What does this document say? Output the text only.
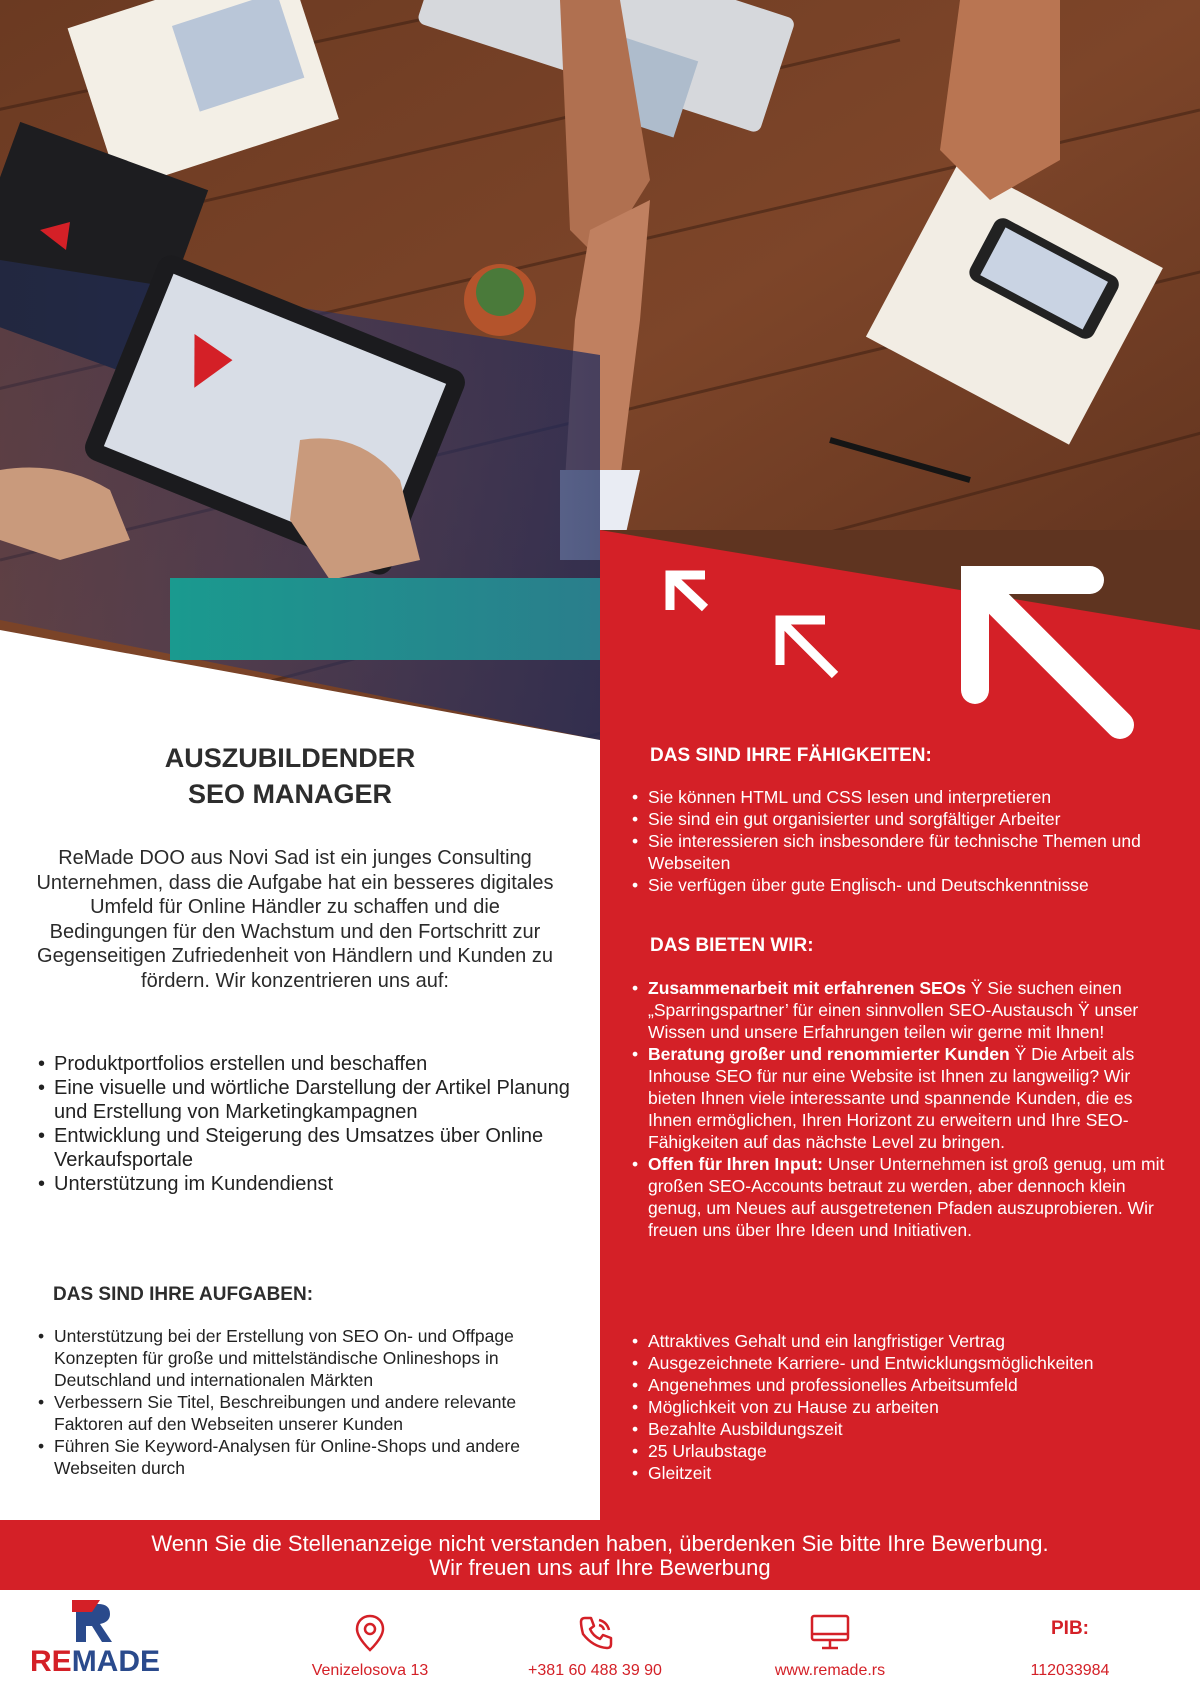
AUSZUBILDENDER
SEO MANAGER
ReMade DOO aus Novi Sad ist ein junges Consulting Unternehmen, dass die Aufgabe hat ein besseres digitales Umfeld für Online Händler zu schaffen und die Bedingungen für den Wachstum und den Fortschritt zur Gegenseitigen Zufriedenheit von Händlern und Kunden zu fördern. Wir konzentrieren uns auf:
• Produktportfolios erstellen und beschaffen
• Eine visuelle und wörtliche Darstellung der Artikel Planung und Erstellung von Marketingkampagnen
• Entwicklung und Steigerung des Umsatzes über Online Verkaufsportale
• Unterstützung im Kundendienst
DAS SIND IHRE AUFGABEN:
• Unterstützung bei der Erstellung von SEO On- und Offpage Konzepten für große und mittelständische Onlineshops in Deutschland und internationalen Märkten
• Verbessern Sie Titel, Beschreibungen und andere relevante Faktoren auf den Webseiten unserer Kunden
• Führen Sie Keyword-Analysen für Online-Shops und andere Webseiten durch
DAS SIND IHRE FÄHIGKEITEN:
• Sie können HTML und CSS lesen und interpretieren
• Sie sind ein gut organisierter und sorgfältiger Arbeiter
• Sie interessieren sich insbesondere für technische Themen und Webseiten
• Sie verfügen über gute Englisch- und Deutschkenntnisse
DAS BIETEN WIR:
• Zusammenarbeit mit erfahrenen SEOs Ÿ Sie suchen einen „Sparringspartner’ für einen sinnvollen SEO-Austausch Ÿ unser Wissen und unsere Erfahrungen teilen wir gerne mit Ihnen!
• Beratung großer und renommierter Kunden Ÿ Die Arbeit als Inhouse SEO für nur eine Website ist Ihnen zu langweilig? Wir bieten Ihnen viele interessante und spannende Kunden, die es Ihnen ermöglichen, Ihren Horizont zu erweitern und Ihre SEO-Fähigkeiten auf das nächste Level zu bringen.
• Offen für Ihren Input: Unser Unternehmen ist groß genug, um mit großen SEO-Accounts betraut zu werden, aber dennoch klein genug, um Neues auf ausgetretenen Pfaden auszuprobieren. Wir freuen uns über Ihre Ideen und Initiativen.
• Attraktives Gehalt und ein langfristiger Vertrag
• Ausgezeichnete Karriere- und Entwicklungsmöglichkeiten
• Angenehmes und professionelles Arbeitsumfeld
• Möglichkeit von zu Hause zu arbeiten
• Bezahlte Ausbildungszeit
• 25 Urlaubstage
• Gleitzeit
Wenn Sie die Stellenanzeige nicht verstanden haben, überdenken Sie bitte Ihre Bewerbung.
Wir freuen uns auf Ihre Bewerbung
REMADE	Venizelosova 13	+381 60 488 39 90	www.remade.rs
PIB:
112033984
